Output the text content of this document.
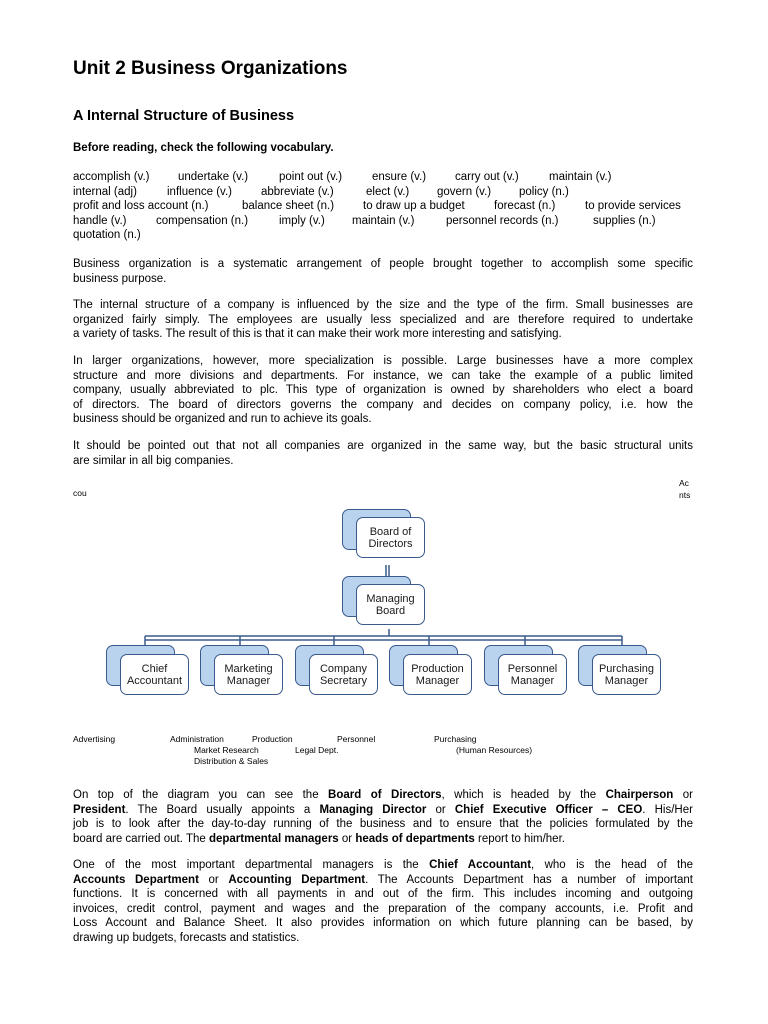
Unit 2 Business Organizations
A Internal Structure of Business
Before reading, check the following vocabulary.
accomplish (v.) undertake (v.)	point out (v.)	ensure (v.)	carry out (v.)	maintain (v.)
internal (adj)	influence (v.)	abbreviate (v.)	elect (v.) govern (v.) policy (n.)
profit and loss account (n.)	balance sheet (n.)	to draw up a budget	forecast (n.)	to provide services
handle (v.)	compensation (n.)	imply (v.) maintain (v.)	personnel records (n.)	supplies (n.)
quotation (n.)
Business organization is a systematic arrangement of people brought together to accomplish some specific
business purpose.
The internal structure of a company is influenced by the size and the type of the firm. Small businesses are
organized fairly simply. The employees are usually less specialized and are therefore required to undertake
a variety of tasks. The result of this is that it can make their work more interesting and satisfying.
In larger organizations, however, more specialization is possible. Large businesses have a more complex
structure and more divisions and departments. For instance, we can take the example of a public limited
company, usually abbreviated to plc. This type of organization is owned by shareholders who elect a board
of directors. The board of directors governs the company and decides on company policy, i.e. how the
business should be organized and run to achieve its goals.
It should be pointed out that not all companies are organized in the same way, but the basic structural units
are similar in all big companies.
cou
Ac
nts
Board of Directors
Managing Board
Chief Accountant
Marketing Manager
Company Secretary
Production Manager
Personnel Manager
Purchasing Manager
Advertising	Administration	Production	Personnel	Purchasing
Market Research	Legal Dept.	(Human Resources)
Distribution & Sales
On top of the diagram you can see the Board of Directors, which is headed by the Chairperson or
President. The Board usually appoints a Managing Director or Chief Executive Officer – CEO. His/Her
job is to look after the day-to-day running of the business and to ensure that the policies formulated by the
board are carried out. The departmental managers or heads of departments report to him/her.
One of the most important departmental managers is the Chief Accountant, who is the head of the
Accounts Department or Accounting Department. The Accounts Department has a number of important
functions. It is concerned with all payments in and out of the firm. This includes incoming and outgoing
invoices, credit control, payment and wages and the preparation of the company accounts, i.e. Profit and
Loss Account and Balance Sheet. It also provides information on which future planning can be based, by
drawing up budgets, forecasts and statistics.
